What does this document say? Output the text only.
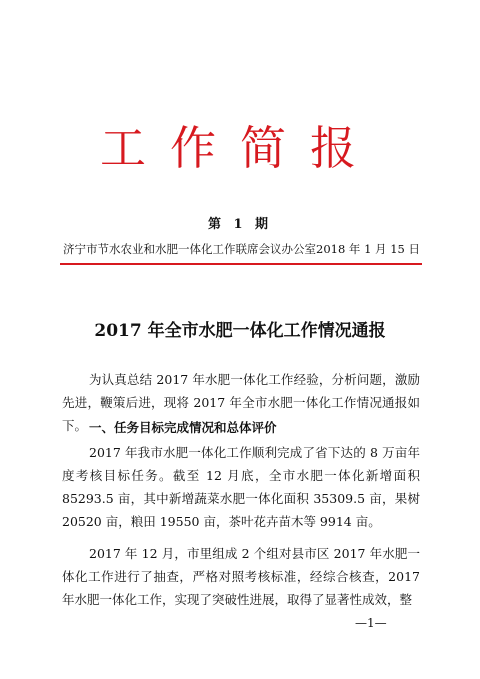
工作简报
第 1 期
济宁市节水农业和水肥一体化工作联席会议办公室 2018 年 1 月 15 日
2017 年全市水肥一体化工作情况通报

为认真总结 2017 年水肥一体化工作经验，分析问题，激励先进，鞭策后进，现将 2017 年全市水肥一体化工作情况通报如下。 一、任务目标完成情况和总体评价

2017 年我市水肥一体化工作顺利完成了省下达的 8 万亩年度考核目标任务。截至 12 月底，全市水肥一体化新增面积 85293.5 亩，其中新增蔬菜水肥一体化面积 35309.5 亩，果树 20520 亩，粮田 19550 亩，茶叶花卉苗木等 9914 亩。

2017 年 12 月，市里组成 2 个组对县市区 2017 年水肥一体化工作进行了抽查，严格对照考核标准，经综合核查，2017 年水肥一体化工作，实现了突破性进展，取得了显著性成效，整

—1—
